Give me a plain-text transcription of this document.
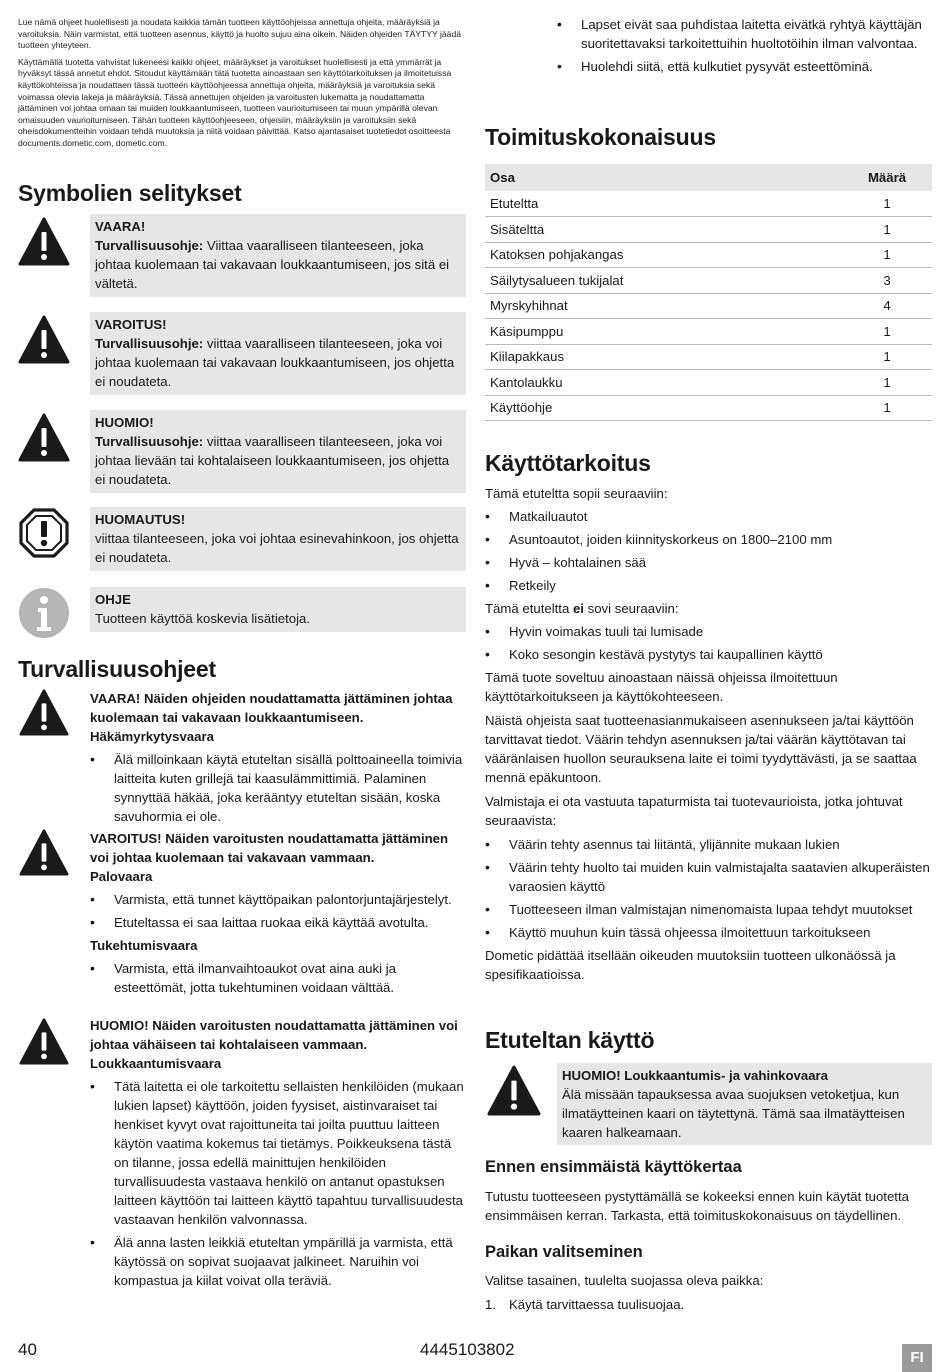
Lue nämä ohjeet huolellisesti ja noudata kaikkia tämän tuotteen käyttöohjeissa annettuja ohjeita, määräyksiä ja varoituksia. Näin varmistat, että tuotteen asennus, käyttö ja huolto sujuu aina oikein. Näiden ohjeiden TÄYTYY jäädä tuotteen yhteyteen.

Käyttämällä tuotetta vahvistat lukeneesi kaikki ohjeet, määräykset ja varoitukset huolellisesti ja että ymmärrät ja hyväksyt tässä annetut ehdot. Sitoudut käyttämään tätä tuotetta ainoastaan sen käyttötarkoituksen ja ilmoitetuissa käyttökohteissa ja noudattaen tässä tuotteen käyttöohjeessa annettuja ohjeita, määräyksiä ja varoituksia sekä voimassa olevia lakeja ja määräyksiä. Tässä annettujen ohjeiden ja varoitusten lukematta ja noudattamatta jättäminen voi johtaa omaan tai muiden loukkaantumiseen, tuotteen vaurioitumiseen tai muun ympärillä olevan omaisuuden vaurioitumiseen. Tähän tuotteen käyttöohjeeseen, ohjeisiin, määräyksiin ja varoituksiin sekä oheisdokumentteihin voidaan tehdä muutoksia ja niitä voidaan päivittää. Katso ajantasaiset tuotetiedot osoitteesta documents.dometic.com, dometic.com.

Symbolien selitykset
VAARA!
Turvallisuusohje: Viittaa vaaralliseen tilanteeseen, joka johtaa kuolemaan tai vakavaan loukkaantumiseen, jos sitä ei vältetä.
VAROITUS!
Turvallisuusohje: viittaa vaaralliseen tilanteeseen, joka voi johtaa kuolemaan tai vakavaan loukkaantumiseen, jos ohjetta ei noudateta.
HUOMIO!
Turvallisuusohje: viittaa vaaralliseen tilanteeseen, joka voi johtaa lievään tai kohtalaiseen loukkaantumiseen, jos ohjetta ei noudateta.
HUOMAUTUS!
viittaa tilanteeseen, joka voi johtaa esinevahinkoon, jos ohjetta ei noudateta.
OHJE
Tuotteen käyttöä koskevia lisätietoja.
Turvallisuusohjeet
VAARA! Näiden ohjeiden noudattamatta jättäminen johtaa kuolemaan tai vakavaan loukkaantumiseen.
Häkämyrkytysvaara
• Älä milloinkaan käytä etuteltan sisällä polttoaineella toimivia laitteita kuten grillejä tai kaasulämmittimiä. Palaminen synnyttää häkää, joka kerääntyy etuteltan sisään, koska savuhormia ei ole.
VAROITUS! Näiden varoitusten noudattamatta jättäminen voi johtaa kuolemaan tai vakavaan vammaan.
Palovaara
• Varmista, että tunnet käyttöpaikan palontorjuntajärjestelyt.
• Etuteltassa ei saa laittaa ruokaa eikä käyttää avotulta.
Tukehtumisvaara
• Varmista, että ilmanvaihtoaukot ovat aina auki ja esteettömät, jotta tukehtuminen voidaan välttää.
HUOMIO! Näiden varoitusten noudattamatta jättäminen voi johtaa vähäiseen tai kohtalaiseen vammaan.
Loukkaantumisvaara
• Tätä laitetta ei ole tarkoitettu sellaisten henkilöiden (mukaan lukien lapset) käyttöön, joiden fyysiset, aistinvaraiset tai henkiset kyvyt ovat rajoittuneita tai joilta puuttuu laitteen käytön vaatima kokemus tai tietämys. Poikkeuksena tästä on tilanne, jossa edellä mainittujen henkilöiden turvallisuudesta vastaava henkilö on antanut opastuksen laitteen käyttöön tai laitteen käyttö tapahtuu turvallisuudesta vastaavan henkilön valvonnassa.
• Älä anna lasten leikkiä etuteltan ympärillä ja varmista, että käytössä on sopivat suojaavat jalkineet. Naruihin voi kompastua ja kiilat voivat olla teräviä.
• Lapset eivät saa puhdistaa laitetta eivätkä ryhtyä käyttäjän suoritettavaksi tarkoitettuihin huoltotöihin ilman valvontaa.
• Huolehdi siitä, että kulkutiet pysyvät esteettöminä.
Toimituskokonaisuus
Osa	Määrä
Etuteltta	1
Sisäteltta	1
Katoksen pohjakangas	1
Säilytysalueen tukijalat	3
Myrskyhihnat	4
Käsipumppu	1
Kiilapakkaus	1
Kantolaukku	1
Käyttöohje	1
Käyttötarkoitus

Tämä etuteltta sopii seuraaviin:

• Matkailuautot
• Asuntoautot, joiden kiinnityskorkeus on 1800–2100 mm
• Hyvä – kohtalainen sää
• Retkeily

Tämä etuteltta ei sovi seuraaviin:

• Hyvin voimakas tuuli tai lumisade
• Koko sesongin kestävä pystytys tai kaupallinen käyttö

Tämä tuote soveltuu ainoastaan näissä ohjeissa ilmoitettuun käyttötarkoitukseen ja käyttökohteeseen.

Näistä ohjeista saat tuotteenasianmukaiseen asennukseen ja/tai käyttöön tarvittavat tiedot. Väärin tehdyn asennuksen ja/tai väärän käyttötavan tai vääränlaisen huollon seurauksena laite ei toimi tyydyttävästi, ja se saattaa mennä epäkuntoon.

Valmistaja ei ota vastuuta tapaturmista tai tuotevaurioista, jotka johtuvat seuraavista:

• Väärin tehty asennus tai liitäntä, ylijännite mukaan lukien
• Väärin tehty huolto tai muiden kuin valmistajalta saatavien alkuperäisten varaosien käyttö
• Tuotteeseen ilman valmistajan nimenomaista lupaa tehdyt muutokset
• Käyttö muuhun kuin tässä ohjeessa ilmoitettuun tarkoitukseen

Dometic pidättää itsellään oikeuden muutoksiin tuotteen ulkonäössä ja spesifikaatioissa.

Etuteltan käyttö
HUOMIO! Loukkaantumis- ja vahinkovaara
Älä missään tapauksessa avaa suojuksen vetoketjua, kun ilmatäytteinen kaari on täytettynä. Tämä saa ilmatäytteisen kaaren halkeamaan.
Ennen ensimmäistä käyttökertaa

Tutustu tuotteeseen pystyttämällä se kokeeksi ennen kuin käytät tuotetta ensimmäisen kerran. Tarkasta, että toimituskokonaisuus on täydellinen.

Paikan valitseminen

Valitse tasainen, tuulelta suojassa oleva paikka:

1. Käytä tarvittaessa tuulisuojaa.
40	4445103802	FI
